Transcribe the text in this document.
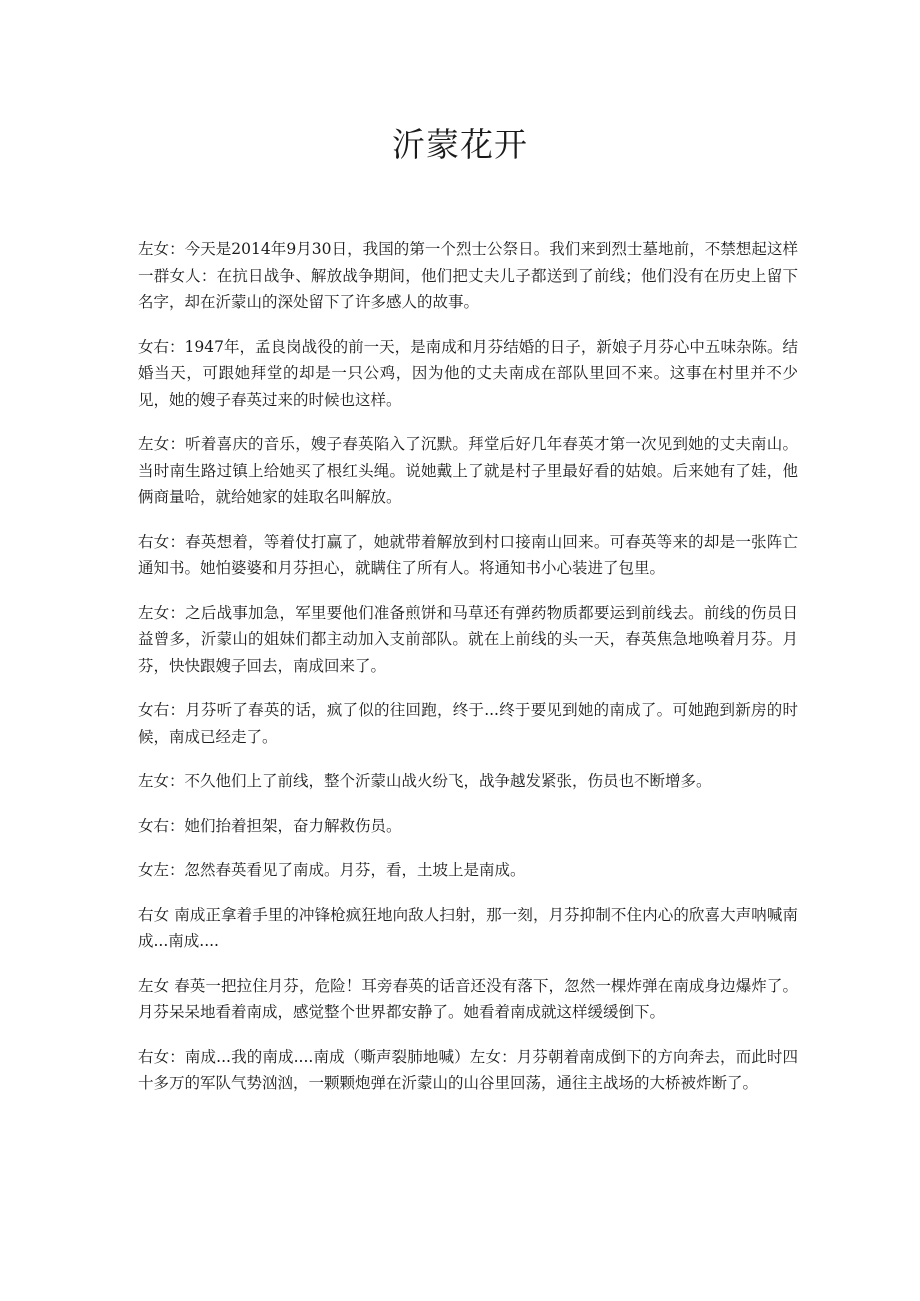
沂蒙花开

左女：今天是2014年9月30日，我国的第一个烈士公祭日。我们来到烈士墓地前，不禁想起这样一群女人：在抗日战争、解放战争期间，他们把丈夫儿子都送到了前线；他们没有在历史上留下名字，却在沂蒙山的深处留下了许多感人的故事。

女右：1947年，孟良岗战役的前一天，是南成和月芬结婚的日子，新娘子月芬心中五味杂陈。结婚当天，可跟她拜堂的却是一只公鸡，因为他的丈夫南成在部队里回不来。这事在村里并不少见，她的嫂子春英过来的时候也这样。

左女：听着喜庆的音乐，嫂子春英陷入了沉默。拜堂后好几年春英才第一次见到她的丈夫南山。当时南生路过镇上给她买了根红头绳。说她戴上了就是村子里最好看的姑娘。后来她有了娃，他俩商量哈，就给她家的娃取名叫解放。

右女：春英想着，等着仗打赢了，她就带着解放到村口接南山回来。可春英等来的却是一张阵亡通知书。她怕婆婆和月芬担心，就瞒住了所有人。将通知书小心装进了包里。

左女：之后战事加急，军里要他们准备煎饼和马草还有弹药物质都要运到前线去。前线的伤员日益曾多，沂蒙山的姐妹们都主动加入支前部队。就在上前线的头一天，春英焦急地唤着月芬。月芬，快快跟嫂子回去，南成回来了。

女右：月芬听了春英的话，疯了似的往回跑，终于...终于要见到她的南成了。可她跑到新房的时候，南成已经走了。

左女：不久他们上了前线，整个沂蒙山战火纷飞，战争越发紧张，伤员也不断增多。

女右：她们抬着担架，奋力解救伤员。

女左：忽然春英看见了南成。月芬，看，土坡上是南成。

右女 南成正拿着手里的冲锋枪疯狂地向敌人扫射，那一刻，月芬抑制不住内心的欣喜大声呐喊南成...南成....

左女 春英一把拉住月芬，危险！耳旁春英的话音还没有落下，忽然一棵炸弹在南成身边爆炸了。月芬呆呆地看着南成，感觉整个世界都安静了。她看着南成就这样缓缓倒下。

右女：南成...我的南成....南成（嘶声裂肺地喊）左女：月芬朝着南成倒下的方向奔去，而此时四十多万的军队气势汹汹，一颗颗炮弹在沂蒙山的山谷里回荡，通往主战场的大桥被炸断了。
